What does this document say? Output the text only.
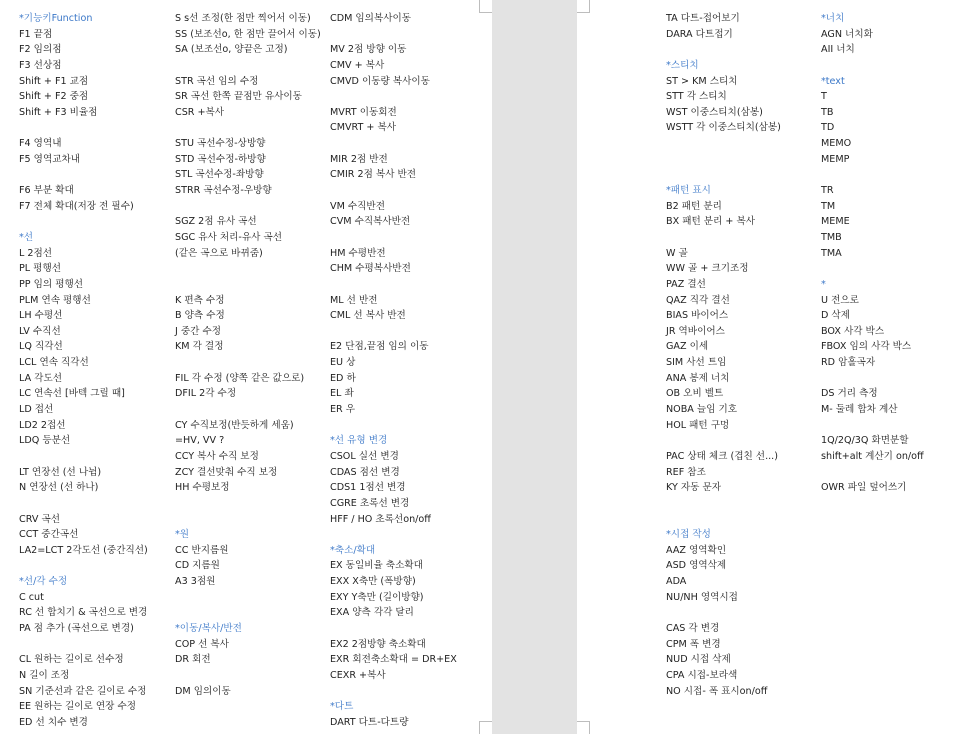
*기능키Function
F1 끝점
F2 임의점
F3 선상점
Shift + F1 교점
Shift + F2 중점
Shift + F3 비율점
F4 영역내
F5 영역교차내
F6 부분 확대
F7 전체 확대(저장 전 필수)
*선
L 2점선
PL 평행선
PP 임의 평행선
PLM 연속 평행선
LH 수평선
LV 수직선
LQ 직각선
LCL 연속 직각선
LA 각도선
LC 연속선 [바텍 그릴 때]
LD 접선
LD2 2접선
LDQ 등분선
LT 연장선 (선 나뉨)
N 연장선 (선 하나)
CRV 곡선
CCT 중간곡선
LA2=LCT 2각도선 (중간직선)
*선/각 수정
C cut
RC 선 합치기 & 곡선으로 변경
PA 점 추가 (곡선으로 변경)
CL 원하는 길이로 선수정
N 길이 조정
SN 기준선과 같은 길이로 수정
EE 원하는 길이로 연장 수정
ED 선 치수 변경
S s선 조정(한 점만 찍어서 이동)
SS (보조선o, 한 점만 끌어서 이동)
SA (보조선o, 양끝은 고정)
STR 곡선 임의 수정
SR 곡선 한쪽 끝점만 유사이동
CSR +복사
STU 곡선수정-상방향
STD 곡선수정-하방향
STL 곡선수정-좌방향
STRR 곡선수정-우방향
SGZ 2점 유사 곡선
SGC 유사 처리-유사 곡선
(같은 곡으로 바뀌줌)
K 편측 수정
B 양측 수정
J 중간 수정
KM 각 결정
FIL 각 수정 (양쪽 같은 값으로)
DFIL 2각 수정
CY 수직보정(반듯하게 세움)
=HV, VV ?
CCY 복사 수직 보정
ZCY 결선맞춰 수직 보정
HH 수평보정
*원
CC 반지름원
CD 지름원
A3 3점원
*이동/복사/반전
COP 선 복사
DR 회전
DM 임의이동
CDM 임의복사이동
MV 2점 방향 이동
CMV + 복사
CMVD 이동량 복사이동
MVRT 이동회전
CMVRT + 복사
MIR 2점 반전
CMIR 2점 복사 반전
VM 수직반전
CVM 수직복사반전
HM 수평반전
CHM 수평복사반전
ML 선 반전
CML 선 복사 반전
E2 단점,끝점 임의 이동
EU 상
ED 하
EL 좌
ER 우
*선 유형 변경
CSOL 실선 변경
CDAS 점선 변경
CDS1 1점선 변경
CGRE 초록선 변경
HFF / HO 초록선on/off
*축소/확대
EX 동일비율 축소확대
EXX X축만 (폭방향)
EXY Y축만 (길이방향)
EXA 양측 각각 달리
EX2 2점방향 축소확대
EXR 회전축소확대 = DR+EX
CEXR +복사
*다트
DART 다트-다트량
TA 다트-접어보기
DARA 다트접기
*스티치
ST > KM 스티치
STT 각 스티치
WST 이중스티치(삼봉)
WSTT 각 이중스티치(삼봉)
*패턴 표시
B2 패턴 분리
BX 패턴 분리 + 복사
W 골
WW 골 + 크기조정
PAZ 결선
QAZ 직각 결선
BIAS 바이어스
JR 역바이어스
GAZ 이세
SIM 사선 트임
ANA 봉제 너치
OB 오비 벨트
NOBA 늘임 기호
HOL 패턴 구멍
PAC 상태 체크 (겹친 선...)
REF 참조
KY 자동 문자
*시접 작성
AAZ 영역확인
ASD 영역삭제
ADA
NU/NH 영역시접
CAS 각 변경
CPM 폭 변경
NUD 시접 삭제
CPA 시접-보라색
NO 시접- 폭 표시on/off
*너치
AGN 너치화
AII 너치
*text
T
TB
TD
MEMO
MEMP
TR
TM
MEME
TMB
TMA
*
U 전으로
D 삭제
BOX 사각 박스
FBOX 임의 사각 박스
RD 암홀곡자
DS 거리 측정
M- 둘레 합차 계산
1Q/2Q/3Q 화면분할
shift+alt 계산기 on/off
OWR 파일 덮어쓰기
